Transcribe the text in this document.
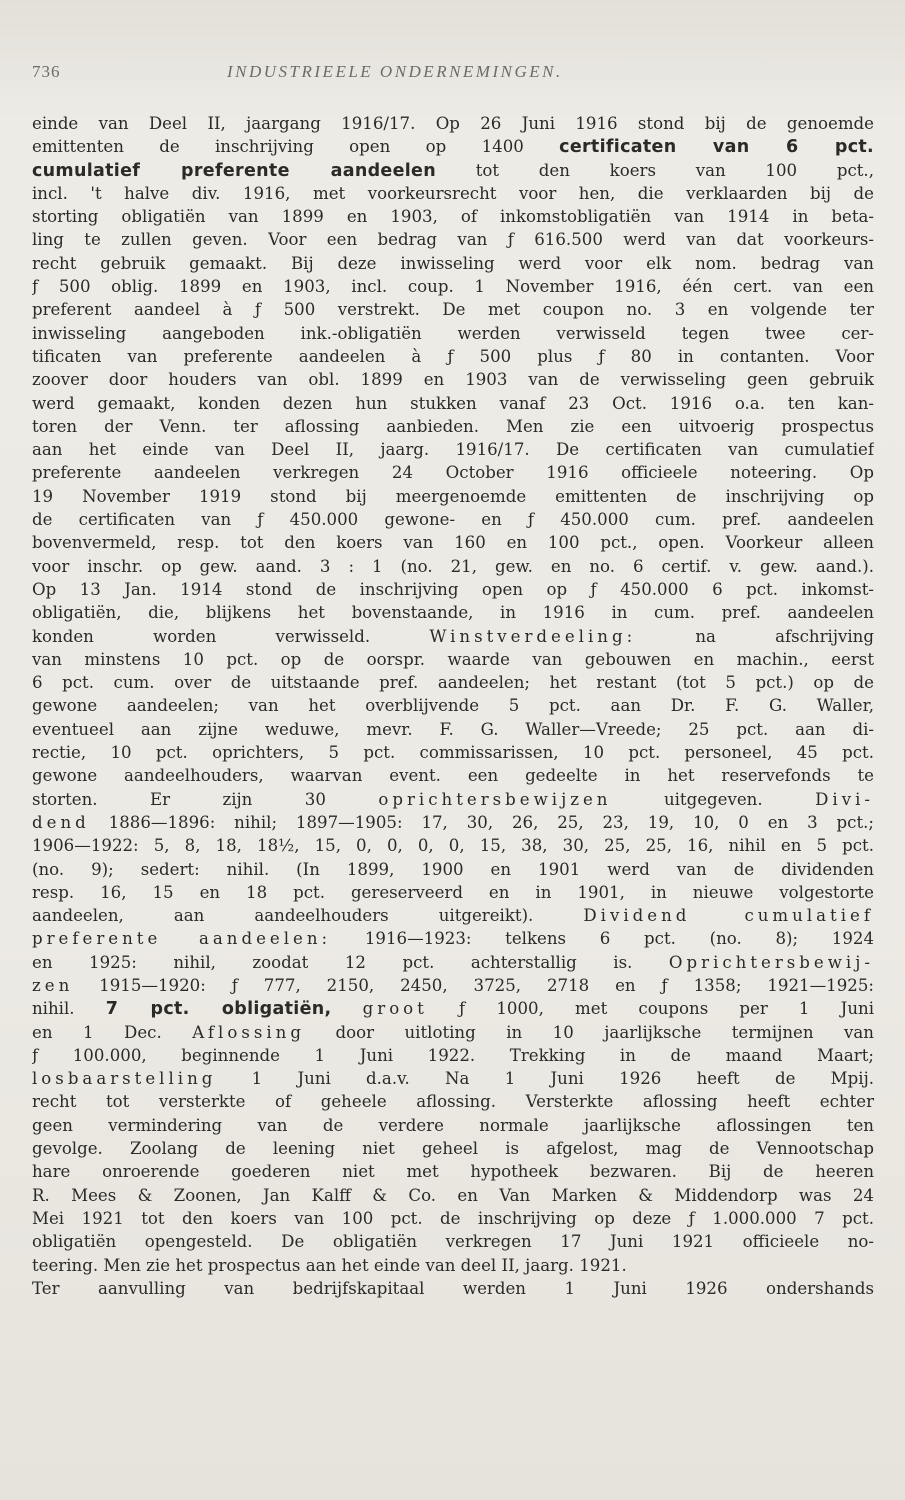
736	INDUSTRIEELE ONDERNEMINGEN.
einde van Deel II, jaargang 1916/17. Op 26 Juni 1916 stond bij de genoemde
emittenten de inschrijving open op 1400 certificaten van 6 pct.
cumulatief preferente aandeelen tot den koers van 100 pct.,
incl. 't halve div. 1916, met voorkeursrecht voor hen, die verklaarden bij de
storting obligatiën van 1899 en 1903, of inkomstobligatiën van 1914 in beta-
ling te zullen geven. Voor een bedrag van ƒ 616.500 werd van dat voorkeurs-
recht gebruik gemaakt. Bij deze inwisseling werd voor elk nom. bedrag van
ƒ 500 oblig. 1899 en 1903, incl. coup. 1 November 1916, één cert. van een
preferent aandeel à ƒ 500 verstrekt. De met coupon no. 3 en volgende ter
inwisseling aangeboden ink.-obligatiën werden verwisseld tegen twee cer-
tificaten van preferente aandeelen à ƒ 500 plus ƒ 80 in contanten. Voor
zoover door houders van obl. 1899 en 1903 van de verwisseling geen gebruik
werd gemaakt, konden dezen hun stukken vanaf 23 Oct. 1916 o.a. ten kan-
toren der Venn. ter aflossing aanbieden. Men zie een uitvoerig prospectus
aan het einde van Deel II, jaarg. 1916/17. De certificaten van cumulatief
preferente aandeelen verkregen 24 October 1916 officieele noteering. Op
19 November 1919 stond bij meergenoemde emittenten de inschrijving op
de certificaten van ƒ 450.000 gewone- en ƒ 450.000 cum. pref. aandeelen
bovenvermeld, resp. tot den koers van 160 en 100 pct., open. Voorkeur alleen
voor inschr. op gew. aand. 3 : 1 (no. 21, gew. en no. 6 certif. v. gew. aand.).
Op 13 Jan. 1914 stond de inschrijving open op ƒ 450.000 6 pct. inkomst-
obligatiën, die, blijkens het bovenstaande, in 1916 in cum. pref. aandeelen
konden worden verwisseld. Winstverdeeling: na afschrijving
van minstens 10 pct. op de oorspr. waarde van gebouwen en machin., eerst
6 pct. cum. over de uitstaande pref. aandeelen; het restant (tot 5 pct.) op de
gewone aandeelen; van het overblijvende 5 pct. aan Dr. F. G. Waller,
eventueel aan zijne weduwe, mevr. F. G. Waller—Vreede; 25 pct. aan di-
rectie, 10 pct. oprichters, 5 pct. commissarissen, 10 pct. personeel, 45 pct.
gewone aandeelhouders, waarvan event. een gedeelte in het reservefonds te
storten. Er zijn 30 oprichtersbewijzen uitgegeven. Divi-
dend 1886—1896: nihil; 1897—1905: 17, 30, 26, 25, 23, 19, 10, 0 en 3 pct.;
1906—1922: 5, 8, 18, 18½, 15, 0, 0, 0, 0, 15, 38, 30, 25, 25, 16, nihil en 5 pct.
(no. 9); sedert: nihil. (In 1899, 1900 en 1901 werd van de dividenden
resp. 16, 15 en 18 pct. gereserveerd en in 1901, in nieuwe volgestorte
aandeelen, aan aandeelhouders uitgereikt). Dividend cumulatief
preferente aandeelen: 1916—1923: telkens 6 pct. (no. 8); 1924
en 1925: nihil, zoodat 12 pct. achterstallig is. Oprichtersbewij-
zen 1915—1920: ƒ 777, 2150, 2450, 3725, 2718 en ƒ 1358; 1921—1925:
nihil. 7 pct. obligatiën, groot ƒ 1000, met coupons per 1 Juni
en 1 Dec. Aflossing door uitloting in 10 jaarlijksche termijnen van
ƒ 100.000, beginnende 1 Juni 1922. Trekking in de maand Maart;
losbaarstelling 1 Juni d.a.v. Na 1 Juni 1926 heeft de Mpij.
recht tot versterkte of geheele aflossing. Versterkte aflossing heeft echter
geen vermindering van de verdere normale jaarlijksche aflossingen ten
gevolge. Zoolang de leening niet geheel is afgelost, mag de Vennootschap
hare onroerende goederen niet met hypotheek bezwaren. Bij de heeren
R. Mees & Zoonen, Jan Kalff & Co. en Van Marken & Middendorp was 24
Mei 1921 tot den koers van 100 pct. de inschrijving op deze ƒ 1.000.000 7 pct.
obligatiën opengesteld. De obligatiën verkregen 17 Juni 1921 officieele no-
teering. Men zie het prospectus aan het einde van deel II, jaarg. 1921.
Ter aanvulling van bedrijfskapitaal werden 1 Juni 1926 ondershands
